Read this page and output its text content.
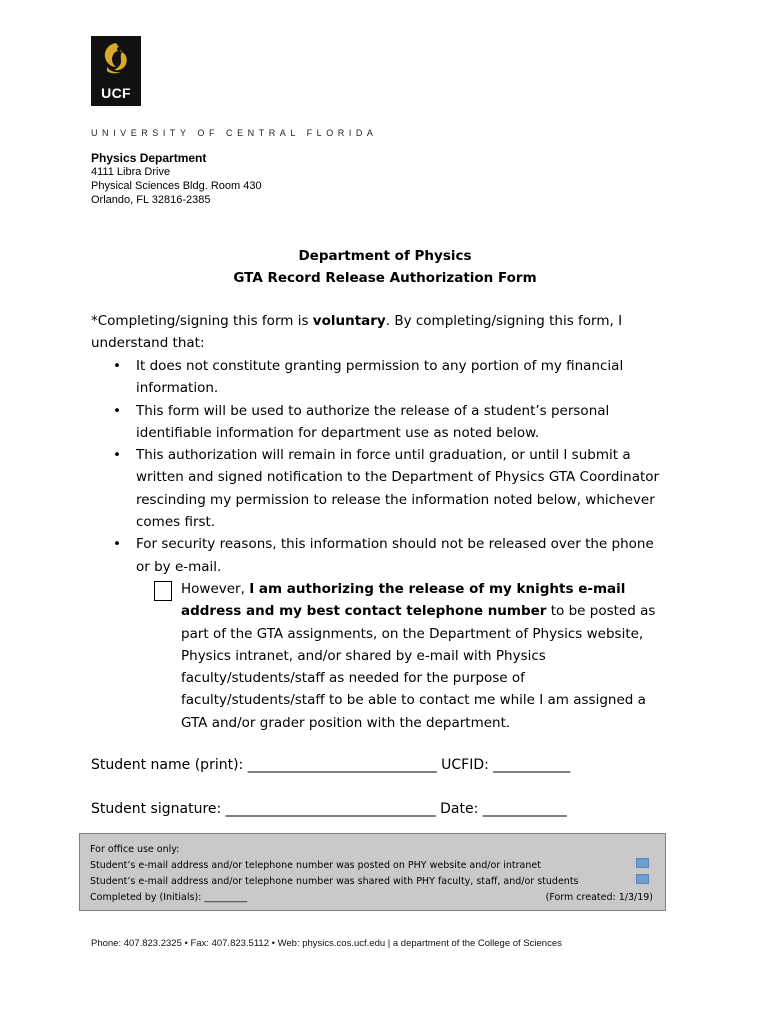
UCF
UNIVERSITY OF CENTRAL FLORIDA
Physics Department
4111 Libra Drive
Physical Sciences Bldg. Room 430
Orlando, FL 32816-2385
Department of Physics
GTA Record Release Authorization Form
*Completing/signing this form is voluntary. By completing/signing this form, I understand that:
• It does not constitute granting permission to any portion of my financial information.
• This form will be used to authorize the release of a student’s personal identifiable information for department use as noted below.
• This authorization will remain in force until graduation, or until I submit a written and signed notification to the Department of Physics GTA Coordinator rescinding my permission to release the information noted below, whichever comes first.
• For security reasons, this information should not be released over the phone or by e-mail.
However, I am authorizing the release of my knights e-mail address and my best contact telephone number to be posted as part of the GTA assignments, on the Department of Physics website, Physics intranet, and/or shared by e-mail with Physics faculty/students/staff as needed for the purpose of faculty/students/staff to be able to contact me while I am assigned a GTA and/or grader position with the department.
Student name (print): ___________________________ UCFID: ___________
Student signature: ______________________________ Date: ____________
For office use only:
Student’s e-mail address and/or telephone number was posted on PHY website and/or intranet
Student’s e-mail address and/or telephone number was shared with PHY faculty, staff, and/or students
Completed by (Initials): _________	(Form created: 1/3/19)
Phone: 407.823.2325 • Fax: 407.823.5112 • Web: physics.cos.ucf.edu | a department of the College of Sciences
